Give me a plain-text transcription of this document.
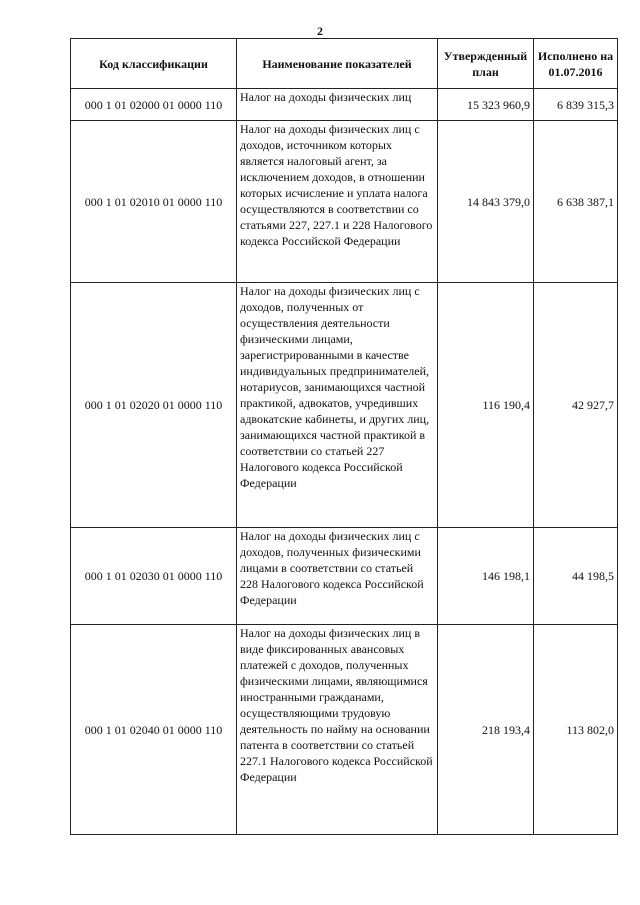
2
Код классификации	Наименование показателей	Утвержденный план	Исполнено на 01.07.2016
000 1 01 02000 01 0000 110	Налог на доходы физических лиц	15 323 960,9	6 839 315,3
000 1 01 02010 01 0000 110	Налог на доходы физических лиц с доходов, источником которых является налоговый агент, за исключением доходов, в отношении которых исчисление и уплата налога осуществляются в соответствии со статьями 227, 227.1 и 228 Налогового кодекса Российской Федерации	14 843 379,0	6 638 387,1
000 1 01 02020 01 0000 110	Налог на доходы физических лиц с доходов, полученных от осуществления деятельности физическими лицами, зарегистрированными в качестве индивидуальных предпринимателей, нотариусов, занимающихся частной практикой, адвокатов, учредивших адвокатские кабинеты, и других лиц, занимающихся частной практикой в соответствии со статьей 227 Налогового кодекса Российской Федерации	116 190,4	42 927,7
000 1 01 02030 01 0000 110	Налог на доходы физических лиц с доходов, полученных физическими лицами в соответствии со статьей 228 Налогового кодекса Российской Федерации	146 198,1	44 198,5
000 1 01 02040 01 0000 110	Налог на доходы физических лиц в виде фиксированных авансовых платежей с доходов, полученных физическими лицами, являющимися иностранными гражданами, осуществляющими трудовую деятельность по найму на основании патента в соответствии со статьей 227.1 Налогового кодекса Российской Федерации	218 193,4	113 802,0
